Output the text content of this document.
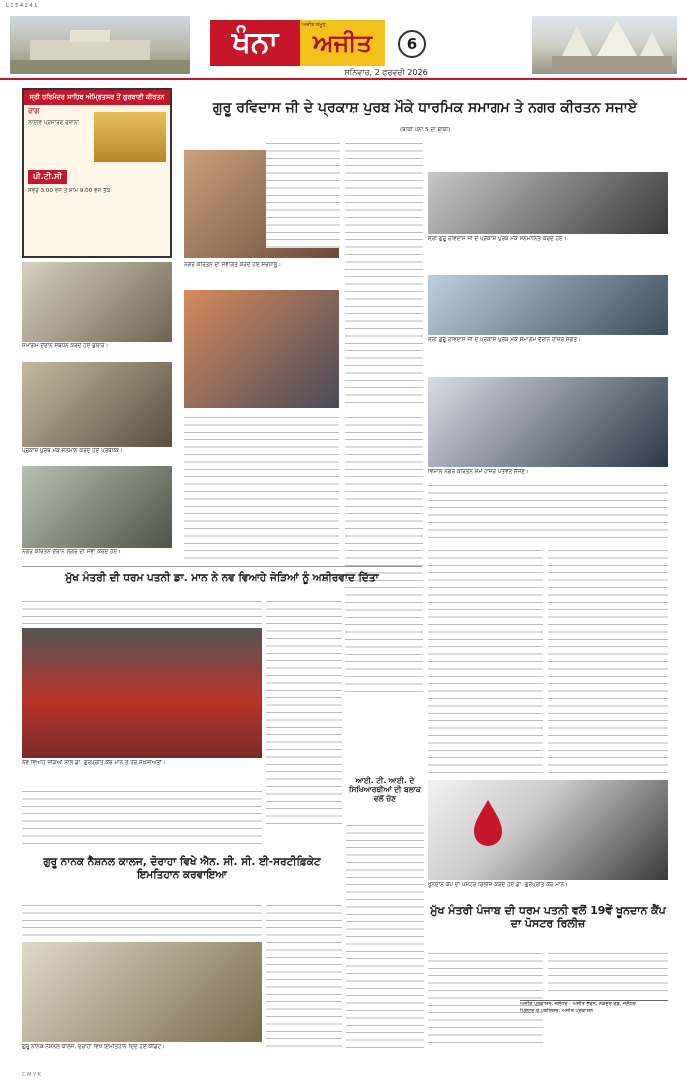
L.1 5 4 2 4 1
ਖੰਨਾ	ਅਜੀਤ
ਅਜੀਤ ਸਮੂਹ
6
ਸ਼ਨਿਵਾਰ, 2 ਫਰਵਰੀ 2026
ਸ੍ਰੀ ਹਰਿਮੰਦਰ ਸਾਹਿਬ ਅੰਮ੍ਰਿਤਸਰ ਤੋਂ ਗੁਰਬਾਣੀ ਕੀਰਤਨ
ਰਾਗ
ਲਾਈਵ ਪ੍ਰਸਾਰਣ ਰੋਜ਼ਾਨਾ
ਪੀ.ਟੀ.ਸੀ
ਸਵੇਰੇ 3.00 ਵਜੇ ਤੋਂ ਸ਼ਾਮ 9.00 ਵਜੇ ਤੱਕ
ਸਮਾਗਮ ਦੌਰਾਨ ਸੰਬੋਧਨ ਕਰਦੇ ਹੋਏ ਬੁਲਾਰੇ।
ਪ੍ਰਕਾਸ਼ ਪੁਰਬ ਮੌਕੇ ਸਨਮਾਨ ਕਰਦੇ ਹੋਏ ਪ੍ਰਬੰਧਕ।
ਨਗਰ ਕੀਰਤਨ ਦੌਰਾਨ ਲੰਗਰ ਦੀ ਸੇਵਾ ਕਰਦੇ ਹੋਏ।
ਗੁਰੂ ਰਵਿਦਾਸ ਜੀ ਦੇ ਪ੍ਰਕਾਸ਼ ਪੁਰਬ ਮੌਕੇ ਧਾਰਮਿਕ ਸਮਾਗਮ ਤੇ ਨਗਰ ਕੀਰਤਨ ਸਜਾਏ
(ਬਾਕੀ ਪੰਨਾ 5 ਦਾ ਬਾਕੀ)
ਨਗਰ ਕੀਰਤਨ ਦਾ ਸਵਾਗਤ ਕਰਦੇ ਹੋਏ ਸ਼ਰਧਾਲੂ।
ਸ੍ਰੀ ਗੁਰੂ ਰਵਿਦਾਸ ਜੀ ਦੇ ਪ੍ਰਕਾਸ਼ ਪੁਰਬ ਮੌਕੇ ਸਨਮਾਨਿਤ ਕਰਦੇ ਹੋਏ।
ਸ੍ਰੀ ਗੁਰੂ ਰਵਿਦਾਸ ਜੀ ਦੇ ਪ੍ਰਕਾਸ਼ ਪੁਰਬ ਮੌਕੇ ਸਮਾਗਮ ਦੌਰਾਨ ਹਾਜ਼ਰ ਸੰਗਤ।
ਵਿਸ਼ਾਲ ਨਗਰ ਕੀਰਤਨ ਸਮੇਂ ਹਾਜ਼ਰ ਪਤਵੰਤੇ ਸੱਜਣ।
ਮੁੱਖ ਮੰਤਰੀ ਦੀ ਧਰਮ ਪਤਨੀ ਡਾ. ਮਾਨ ਨੇ ਨਵ ਵਿਆਹੇ ਜੋੜਿਆਂ ਨੂੰ ਅਸ਼ੀਰਵਾਦ ਦਿੱਤਾ
ਨਵ ਵਿਆਹੇ ਜੋੜਿਆਂ ਨਾਲ ਡਾ. ਗੁਰਪ੍ਰੀਤ ਕੌਰ ਮਾਨ ਤੇ ਹੋਰ ਸ਼ਖ਼ਸੀਅਤਾਂ।
ਗੁਰੂ ਨਾਨਕ ਨੈਸ਼ਨਲ ਕਾਲਜ, ਦੋਰਾਹਾ ਵਿਖੇ ਐਨ. ਸੀ. ਸੀ. ਈ-ਸਰਟੀਫ਼ਿਕੇਟ ਇਮਤਿਹਾਨ ਕਰਵਾਇਆ
ਗੁਰੂ ਨਾਨਕ ਨੈਸ਼ਨਲ ਕਾਲਜ, ਦੋਰਾਹਾ ਵਿਖੇ ਇਮਤਿਹਾਨ ਦਿੰਦੇ ਹੋਏ ਕੈਡਿਟ।
ਆਈ. ਟੀ. ਆਈ. ਦੇ ਸਿਖਿਆਰਥੀਆਂ ਦੀ ਬਲਾਕ ਵਲੋਂ ਚੋਣ
ਖੂਨਦਾਨ ਕੈਂਪ ਦਾ ਪੋਸਟਰ ਰਿਲੀਜ਼ ਕਰਦੇ ਹੋਏ ਡਾ. ਗੁਰਪ੍ਰੀਤ ਕੌਰ ਮਾਨ।
ਮੁੱਖ ਮੰਤਰੀ ਪੰਜਾਬ ਦੀ ਧਰਮ ਪਤਨੀ ਵਲੋਂ 19ਵੇਂ ਖੂਨਦਾਨ ਕੈਂਪ ਦਾ ਪੋਸਟਰ ਰਿਲੀਜ਼
ਅਜੀਤ ਪ੍ਰਕਾਸ਼ਨ, ਜਲੰਧਰ - ਅਜੀਤ ਭਵਨ, ਨਕੋਦਰ ਰੋਡ, ਜਲੰਧਰ
ਪ੍ਰਿੰਟਰ ਤੇ ਪਬਲਿਸ਼ਰ: ਅਜੀਤ ਪ੍ਰਕਾਸ਼ਨ
C M Y K
